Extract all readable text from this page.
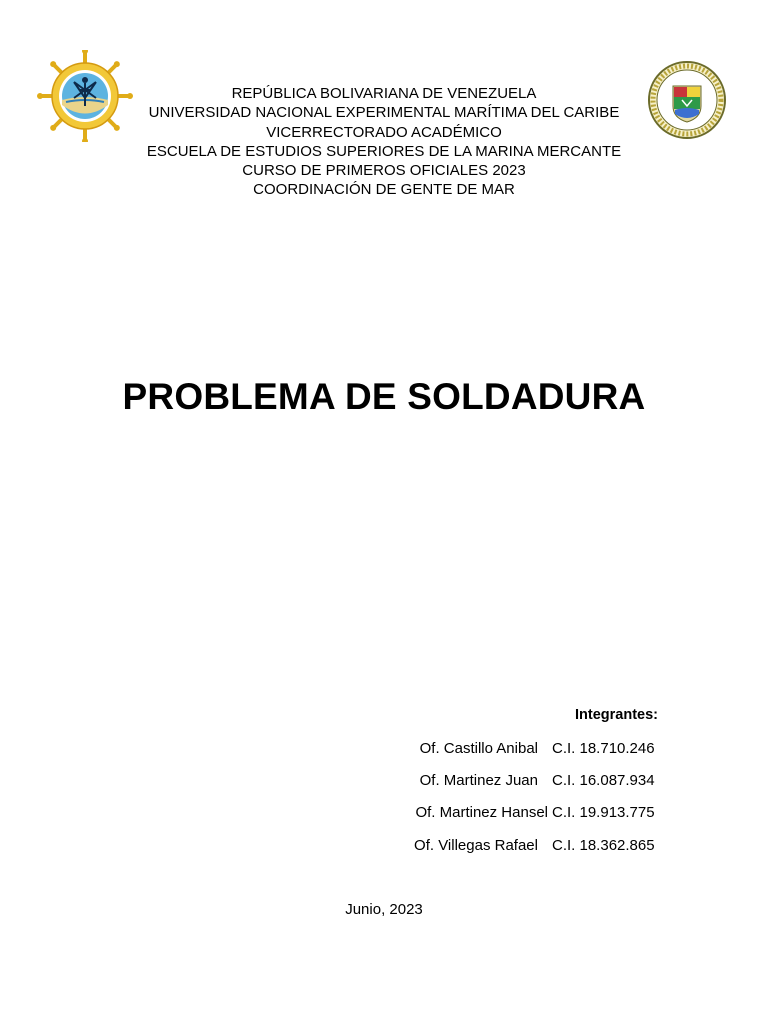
REPÚBLICA BOLIVARIANA DE VENEZUELA
UNIVERSIDAD NACIONAL EXPERIMENTAL MARÍTIMA DEL CARIBE
VICERRECTORADO ACADÉMICO
ESCUELA DE ESTUDIOS SUPERIORES DE LA MARINA MERCANTE
CURSO DE PRIMEROS OFICIALES 2023
COORDINACIÓN DE GENTE DE MAR
PROBLEMA DE SOLDADURA
Integrantes:
Of. Castillo Anibal C.I. 18.710.246
Of. Martinez Juan C.I. 16.087.934
Of. Martinez Hansel C.I. 19.913.775
Of. Villegas Rafael C.I. 18.362.865
Junio, 2023
